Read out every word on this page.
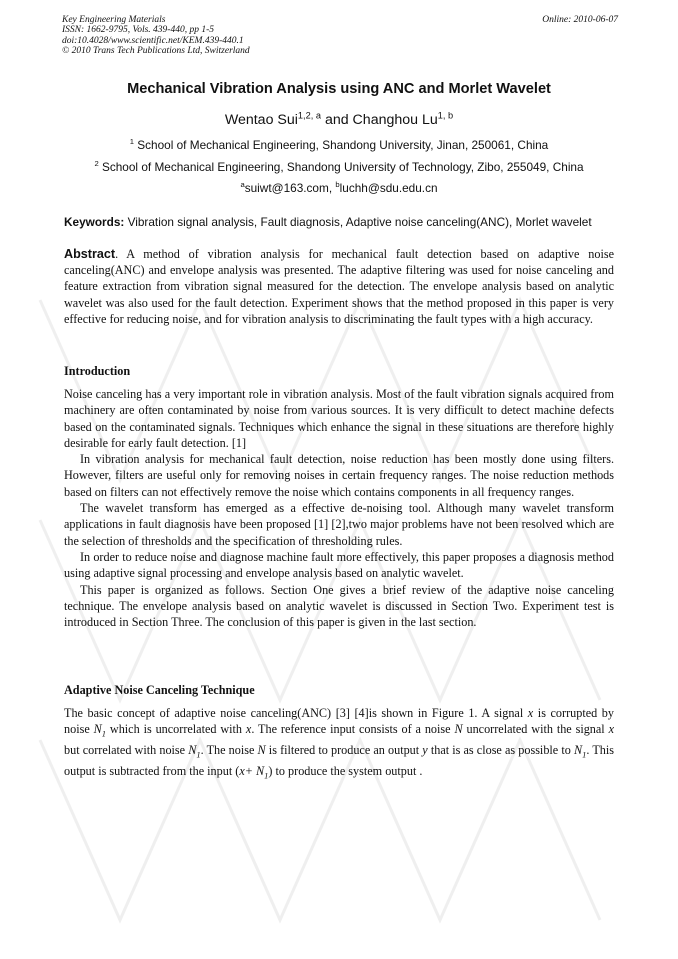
Key Engineering Materials
ISSN: 1662-9795, Vols. 439-440, pp 1-5
doi:10.4028/www.scientific.net/KEM.439-440.1
© 2010 Trans Tech Publications Ltd, Switzerland
Online: 2010-06-07
Mechanical Vibration Analysis using ANC and Morlet Wavelet
Wentao Sui$^{1,2, a}$ and Changhou Lu$^{1, b}$
$^1$ School of Mechanical Engineering, Shandong University, Jinan, 250061, China
$^2$ School of Mechanical Engineering, Shandong University of Technology, Zibo, 255049, China
$^a$suiwt@163.com, $^b$luchh@sdu.edu.cn
Keywords: Vibration signal analysis, Fault diagnosis, Adaptive noise canceling(ANC), Morlet wavelet
Abstract. A method of vibration analysis for mechanical fault detection based on adaptive noise canceling(ANC) and envelope analysis was presented. The adaptive filtering was used for noise canceling and feature extraction from vibration signal measured for the detection. The envelope analysis based on analytic wavelet was also used for the fault detection. Experiment shows that the method proposed in this paper is very effective for reducing noise, and for vibration analysis to discriminating the fault types with a high accuracy.
Introduction

Noise canceling has a very important role in vibration analysis. Most of the fault vibration signals acquired from machinery are often contaminated by noise from various sources. It is very difficult to detect machine defects based on the contaminated signals. Techniques which enhance the signal in these situations are therefore highly desirable for early fault detection. [1]

In vibration analysis for mechanical fault detection, noise reduction has been mostly done using filters. However, filters are useful only for removing noises in certain frequency ranges. The noise reduction methods based on filters can not effectively remove the noise which contains components in all frequency ranges.

The wavelet transform has emerged as a effective de-noising tool. Although many wavelet transform applications in fault diagnosis have been proposed [1] [2],two major problems have not been resolved which are the selection of thresholds and the specification of thresholding rules.

In order to reduce noise and diagnose machine fault more effectively, this paper proposes a diagnosis method using adaptive signal processing and envelope analysis based on analytic wavelet.

This paper is organized as follows. Section One gives a brief review of the adaptive noise canceling technique. The envelope analysis based on analytic wavelet is discussed in Section Two. Experiment test is introduced in Section Three. The conclusion of this paper is given in the last section.

Adaptive Noise Canceling Technique

The basic concept of adaptive noise canceling(ANC) [3] [4]is shown in Figure 1. A signal x is corrupted by noise $N_1$ which is uncorrelated with x. The reference input consists of a noise N uncorrelated with the signal x but correlated with noise $N_1$. The noise N is filtered to produce an output y that is as close as possible to $N_1$. This output is subtracted from the input $(x+ N_1)$ to produce the system output .
